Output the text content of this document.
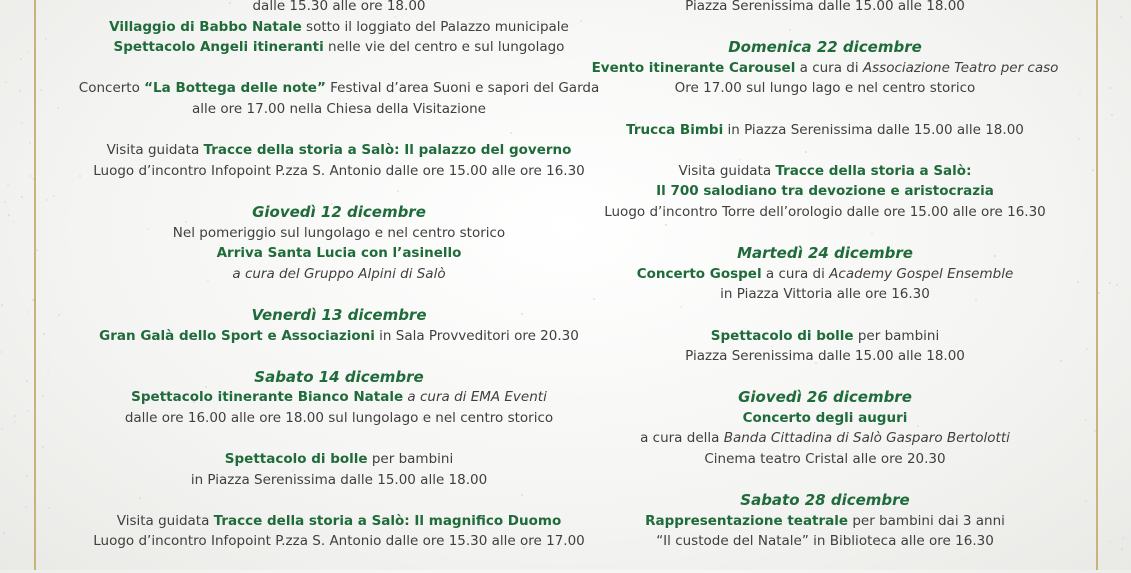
dalle 15.30 alle ore 18.00
Villaggio di Babbo Natale sotto il loggiato del Palazzo municipale
Spettacolo Angeli itineranti nelle vie del centro e sul lungolago
Concerto “La Bottega delle note” Festival d’area Suoni e sapori del Garda
alle ore 17.00 nella Chiesa della Visitazione
Visita guidata Tracce della storia a Salò: Il palazzo del governo
Luogo d’incontro Infopoint P.zza S. Antonio dalle ore 15.00 alle ore 16.30
Giovedì 12 dicembre
Nel pomeriggio sul lungolago e nel centro storico
Arriva Santa Lucia con l’asinello
a cura del Gruppo Alpini di Salò
Venerdì 13 dicembre
Gran Galà dello Sport e Associazioni in Sala Provveditori ore 20.30
Sabato 14 dicembre
Spettacolo itinerante Bianco Natale a cura di EMA Eventi
dalle ore 16.00 alle ore 18.00 sul lungolago e nel centro storico
Spettacolo di bolle per bambini
in Piazza Serenissima dalle 15.00 alle 18.00
Visita guidata Tracce della storia a Salò: Il magnifico Duomo
Luogo d’incontro Infopoint P.zza S. Antonio dalle ore 15.30 alle ore 17.00
Piazza Serenissima dalle 15.00 alle 18.00
Domenica 22 dicembre
Evento itinerante Carousel a cura di Associazione Teatro per caso
Ore 17.00 sul lungo lago e nel centro storico
Trucca Bimbi in Piazza Serenissima dalle 15.00 alle 18.00
Visita guidata Tracce della storia a Salò:
Il 700 salodiano tra devozione e aristocrazia
Luogo d’incontro Torre dell’orologio dalle ore 15.00 alle ore 16.30
Martedì 24 dicembre
Concerto Gospel a cura di Academy Gospel Ensemble
in Piazza Vittoria alle ore 16.30
Spettacolo di bolle per bambini
Piazza Serenissima dalle 15.00 alle 18.00
Giovedì 26 dicembre
Concerto degli auguri
a cura della Banda Cittadina di Salò Gasparo Bertolotti
Cinema teatro Cristal alle ore 20.30
Sabato 28 dicembre
Rappresentazione teatrale per bambini dai 3 anni
“Il custode del Natale” in Biblioteca alle ore 16.30
